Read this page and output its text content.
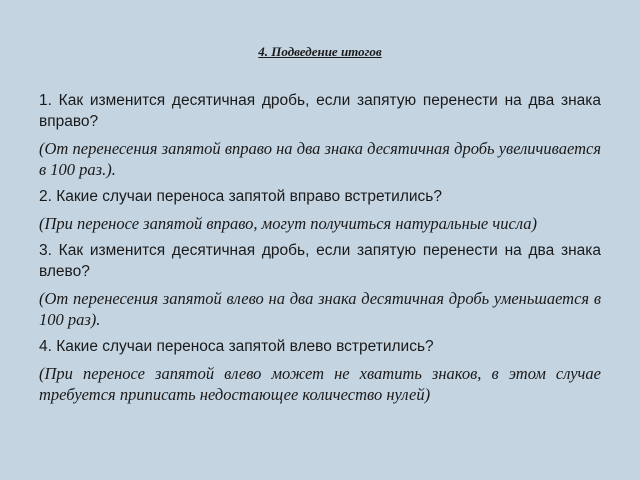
4. Подведение итогов

1. Как изменится десятичная дробь, если запятую перенести на два знака вправо?

(От перенесения запятой вправо на два знака десятичная дробь увеличивается в 100 раз.).

2. Какие случаи переноса запятой вправо встретились?

(При переносе запятой вправо, могут получиться натуральные числа)

3. Как изменится десятичная дробь, если запятую перенести на два знака влево?

(От перенесения запятой влево на два знака десятичная дробь уменьшается в 100 раз).

4. Какие случаи переноса запятой влево встретились?

(При переносе запятой влево может не хватить знаков, в этом случае требуется приписать недостающее количество нулей)
